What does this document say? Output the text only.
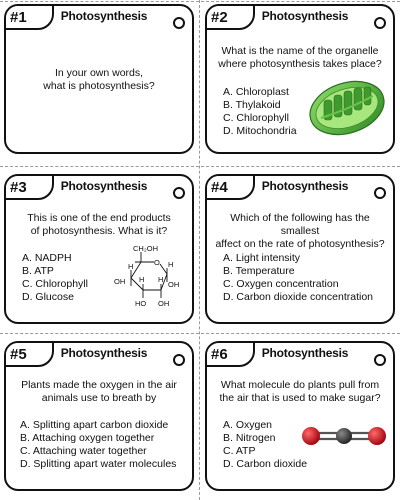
#1	Photosynthesis
In your own words,
what is photosynthesis?
#2	Photosynthesis
What is the name of the organelle
where photosynthesis takes place?
A. Chloroplast
B. Thylakoid
C. Chlorophyll
D. Mitochondria
#3	Photosynthesis
This is one of the end products
of photosynthesis. What is it?
A. NADPH
B. ATP
C. Chlorophyll
D. Glucose
CH₂OH
O
H
OH
H
OH
H
OH
H
HO
#4	Photosynthesis
Which of the following has the smallest
affect on the rate of photosynthesis?
A. Light intensity
B. Temperature
C. Oxygen concentration
D. Carbon dioxide concentration
#5	Photosynthesis
Plants made the oxygen in the air
animals use to breath by
A. Splitting apart carbon dioxide
B. Attaching oxygen together
C. Attaching water together
D. Splitting apart water molecules
#6	Photosynthesis
What molecule do plants pull from
the air that is used to make sugar?
A. Oxygen
B. Nitrogen
C. ATP
D. Carbon dioxide
